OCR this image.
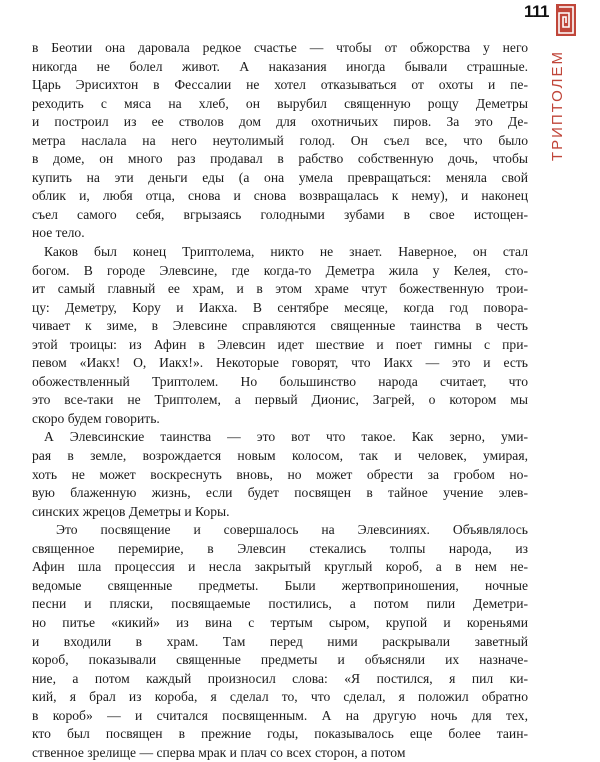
111
ТРИПТОЛЕМ
в Беотии она даровала редкое счастье — чтобы от обжорства у него
никогда не болел живот. А наказания иногда бывали страшные.
Царь Эрисихтон в Фессалии не хотел отказываться от охоты и пе-
реходить с мяса на хлеб, он вырубил священную рощу Деметры
и построил из ее стволов дом для охотничьих пиров. За это Де-
метра наслала на него неутолимый голод. Он съел все, что было
в доме, он много раз продавал в рабство собственную дочь, чтобы
купить на эти деньги еды (а она умела превращаться: меняла свой
облик и, любя отца, снова и снова возвращалась к нему), и наконец
съел самого себя, вгрызаясь голодными зубами в свое истощен-
ное тело.
Каков был конец Триптолема, никто не знает. Наверное, он стал
богом. В городе Элевсине, где когда-то Деметра жила у Келея, сто-
ит самый главный ее храм, и в этом храме чтут божественную трои-
цу: Деметру, Кору и Иакха. В сентябре месяце, когда год повора-
чивает к зиме, в Элевсине справляются священные таинства в честь
этой троицы: из Афин в Элевсин идет шествие и поет гимны с при-
певом «Иакх! О, Иакх!». Некоторые говорят, что Иакх — это и есть
обожествленный Триптолем. Но большинство народа считает, что
это все-таки не Триптолем, а первый Дионис, Загрей, о котором мы
скоро будем говорить.
А Элевсинские таинства — это вот что такое. Как зерно, уми-
рая в земле, возрождается новым колосом, так и человек, умирая,
хоть не может воскреснуть вновь, но может обрести за гробом но-
вую блаженную жизнь, если будет посвящен в тайное учение элев-
синских жрецов Деметры и Коры.
Это посвящение и совершалось на Элевсиниях. Объявлялось
священное перемирие, в Элевсин стекались толпы народа, из
Афин шла процессия и несла закрытый круглый короб, а в нем не-
ведомые священные предметы. Были жертвоприношения, ночные
песни и пляски, посвящаемые постились, а потом пили Деметри-
но питье «кикий» из вина с тертым сыром, крупой и кореньями
и входили в храм. Там перед ними раскрывали заветный
короб, показывали священные предметы и объясняли их назначе-
ние, а потом каждый произносил слова: «Я постился, я пил ки-
кий, я брал из короба, я сделал то, что сделал, я положил обратно
в короб» — и считался посвященным. А на другую ночь для тех,
кто был посвящен в прежние годы, показывалось еще более таин-
ственное зрелище — сперва мрак и плач со всех сторон, а потом
